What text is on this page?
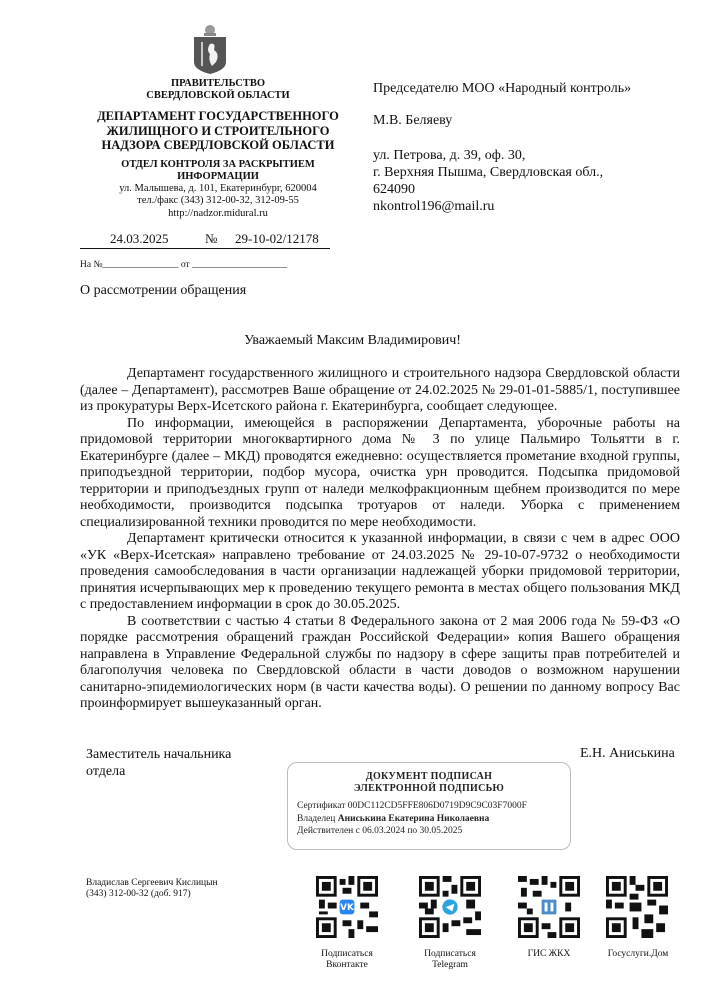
ПРАВИТЕЛЬСТВО
СВЕРДЛОВСКОЙ ОБЛАСТИ
ДЕПАРТАМЕНТ ГОСУДАРСТВЕННОГО
ЖИЛИЩНОГО И СТРОИТЕЛЬНОГО
НАДЗОРА СВЕРДЛОВСКОЙ ОБЛАСТИ
ОТДЕЛ КОНТРОЛЯ ЗА РАСКРЫТИЕМ
ИНФОРМАЦИИ
ул. Малышева, д. 101, Екатеринбург, 620004
тел./факс (343) 312-00-32, 312-09-55
http://nadzor.midural.ru
24.03.2025	№ 29-10-02/12178
На №________________ от ____________________
О рассмотрении обращения

Председателю МОО «Народный контроль»

М.В. Беляеву

ул. Петрова, д. 39, оф. 30,

г. Верхняя Пышма, Свердловская обл.,

624090

nkontrol196@mail.ru

Уважаемый Максим Владимирович!

Департамент государственного жилищного и строительного надзора Свердловской области (далее – Департамент), рассмотрев Ваше обращение от 24.02.2025 № 29-01-01-5885/1, поступившее из прокуратуры Верх-Исетского района г. Екатеринбурга, сообщает следующее.

По информации, имеющейся в распоряжении Департамента, уборочные работы на придомовой территории многоквартирного дома № 3 по улице Пальмиро Тольятти в г. Екатеринбурге (далее – МКД) проводятся ежедневно: осуществляется прометание входной группы, приподъездной территории, подбор мусора, очистка урн проводится. Подсыпка придомовой территории и приподъездных групп от наледи мелкофракционным щебнем производится по мере необходимости, производится подсыпка тротуаров от наледи. Уборка с применением специализированной техники проводится по мере необходимости.

Департамент критически относится к указанной информации, в связи с чем в адрес ООО «УК «Верх-Исетская» направлено требование от 24.03.2025 № 29-10-07-9732 о необходимости проведения самообследования в части организации надлежащей уборки придомовой территории, принятия исчерпывающих мер к проведению текущего ремонта в местах общего пользования МКД с предоставлением информации в срок до 30.05.2025.

В соответствии с частью 4 статьи 8 Федерального закона от 2 мая 2006 года № 59-ФЗ «О порядке рассмотрения обращений граждан Российской Федерации» копия Вашего обращения направлена в Управление Федеральной службы по надзору в сфере защиты прав потребителей и благополучия человека по Свердловской области в части доводов о возможном нарушении санитарно-эпидемиологических норм (в части качества воды). О решении по данному вопросу Вас проинформирует вышеуказанный орган.

Заместитель начальника
отдела
Е.Н. Аниськина
ДОКУМЕНТ ПОДПИСАН
ЭЛЕКТРОННОЙ ПОДПИСЬЮ
Сертификат 00DC112CD5FFE806D0719D9C9C03F7000F
Владелец Аниськина Екатерина Николаевна
Действителен с 06.03.2024 по 30.05.2025
Владислав Сергеевич Кислицын
(343) 312-00-32 (доб. 917)
VK
Подписаться
Вконтакте
Подписаться
Telegram
ГИС ЖКХ	Госуслуги.Дом
